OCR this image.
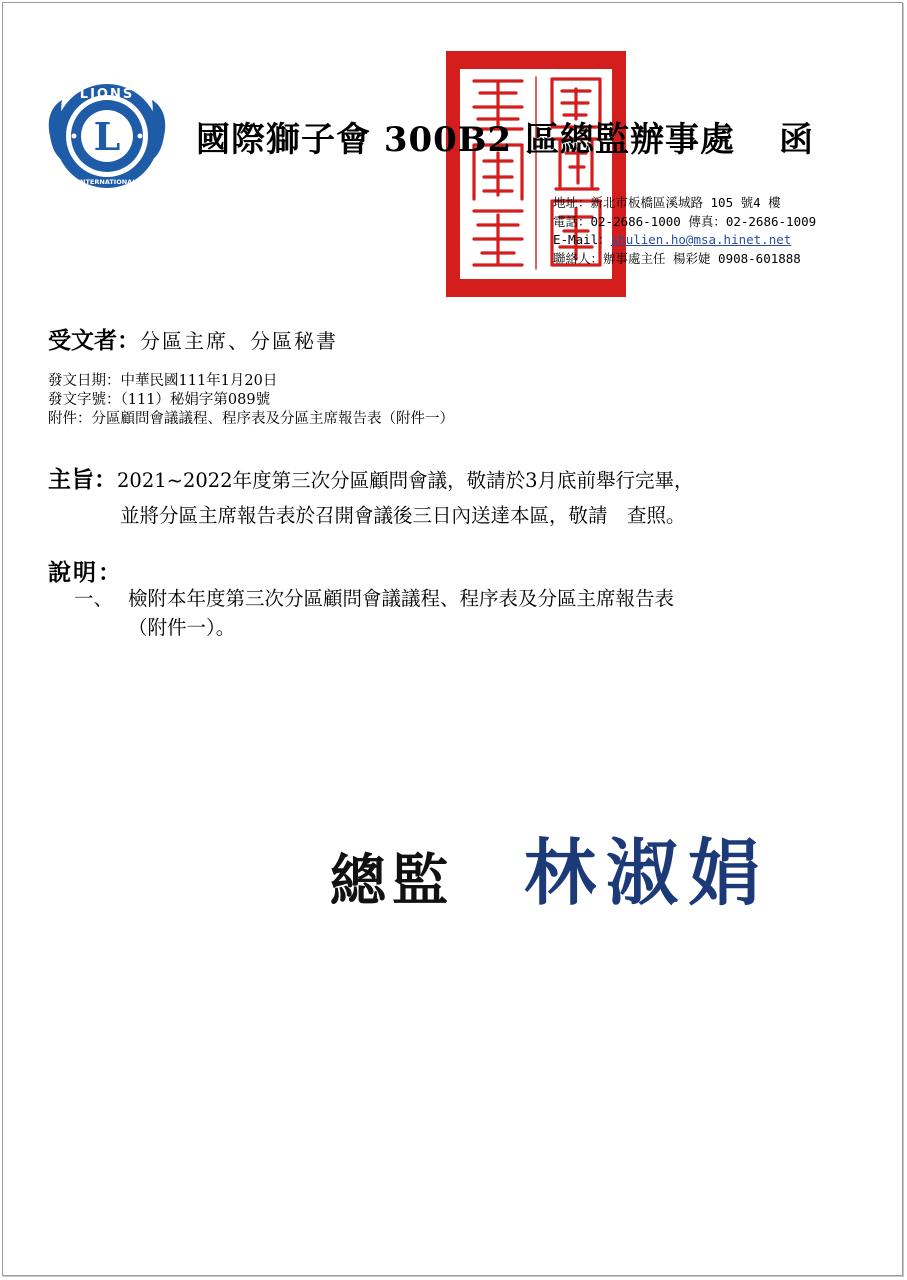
L
LIONS
INTERNATIONAL
國際獅子會 300B2 區總監辦事處 函
地址：新北市板橋區溪城路 105 號4 樓
電話：02-2686-1000 傳真：02-2686-1009
E-Mail：shulien.ho@msa.hinet.net
聯絡人：辦事處主任 楊彩婕 0908-601888
受文者：分區主席、分區秘書
發文日期：中華民國111年1月20日
發文字號：（111）秘娟字第089號
附件：分區顧問會議議程、程序表及分區主席報告表（附件一）
主旨：2021~2022年度第三次分區顧問會議，敬請於3月底前舉行完畢，
並將分區主席報告表於召開會議後三日內送達本區，敬請　查照。
說明：
一、 檢附本年度第三次分區顧問會議議程、程序表及分區主席報告表
（附件一）。
總監 林淑娟
